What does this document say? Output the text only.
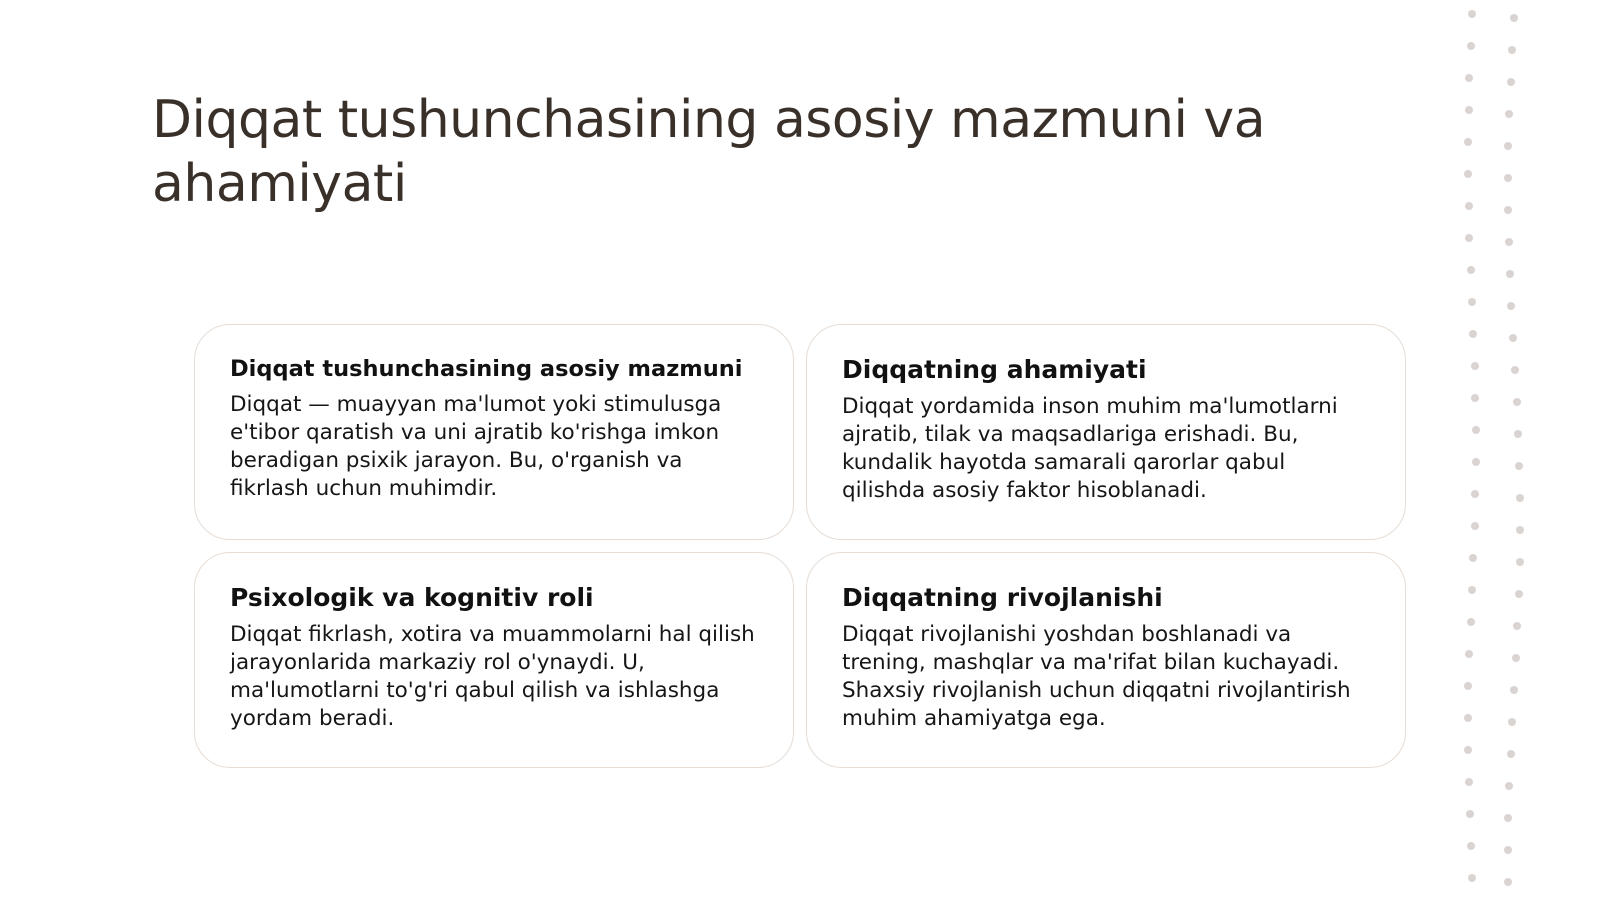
Diqqat tushunchasining asosiy mazmuni va ahamiyati
Diqqat tushunchasining asosiy mazmuni

Diqqat — muayyan ma'lumot yoki stimulusga e'tibor qaratish va uni ajratib ko'rishga imkon beradigan psixik jarayon. Bu, o'rganish va fikrlash uchun muhimdir.

Diqqatning ahamiyati

Diqqat yordamida inson muhim ma'lumotlarni ajratib, tilak va maqsadlariga erishadi. Bu, kundalik hayotda samarali qarorlar qabul qilishda asosiy faktor hisoblanadi.

Psixologik va kognitiv roli

Diqqat fikrlash, xotira va muammolarni hal qilish jarayonlarida markaziy rol o'ynaydi. U, ma'lumotlarni to'g'ri qabul qilish va ishlashga yordam beradi.

Diqqatning rivojlanishi

Diqqat rivojlanishi yoshdan boshlanadi va trening, mashqlar va ma'rifat bilan kuchayadi. Shaxsiy rivojlanish uchun diqqatni rivojlantirish muhim ahamiyatga ega.
